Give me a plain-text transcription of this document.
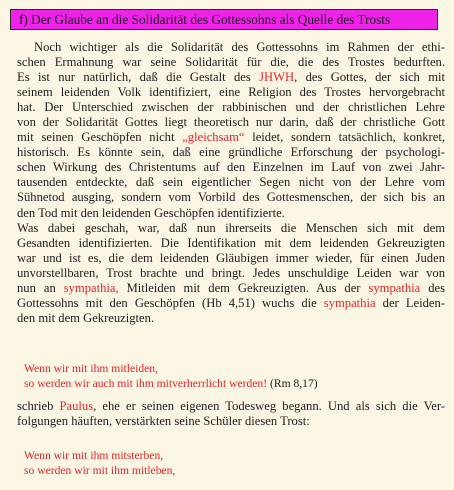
f) Der Glaube an die Solidarität des Gottessohns als Quelle des Trosts
Noch wichtiger als die Solidarität des Gottessohns im Rahmen der ethi-
schen Ermahnung war seine Solidarität für die, die des Trostes bedurften.
Es ist nur natürlich, daß die Gestalt des JHWH, des Gottes, der sich mit
seinem leidenden Volk identifiziert, eine Religion des Trostes hervorgebracht
hat. Der Unterschied zwischen der rabbinischen und der christlichen Lehre
von der Solidarität Gottes liegt theoretisch nur darin, daß der christliche Gott
mit seinen Geschöpfen nicht „gleichsam“ leidet, sondern tatsächlich, konkret,
historisch. Es könnte sein, daß eine gründliche Erforschung der psychologi-
schen Wirkung des Christentums auf den Einzelnen im Lauf von zwei Jahr-
tausenden entdeckte, daß sein eigentlicher Segen nicht von der Lehre vom
Sühnetod ausging, sondern vom Vorbild des Gottesmenschen, der sich bis an
den Tod mit den leidenden Geschöpfen identifizierte.
Was dabei geschah, war, daß nun ihrerseits die Menschen sich mit dem
Gesandten identifizierten. Die Identifikation mit dem leidenden Gekreuzigten
war und ist es, die dem leidenden Gläubigen immer wieder, für einen Juden
unvorstellbaren, Trost brachte und bringt. Jedes unschuldige Leiden war von
nun an sympathia, Mitleiden mit dem Gekreuzigten. Aus der sympathia des
Gottessohns mit den Geschöpfen (Hb 4,51) wuchs die sympathia der Leiden-
den mit dem Gekreuzigten.
Wenn wir mit ihm mitleiden,
so werden wir auch mit ihm mitverherrlicht werden! (Rm 8,17)
schrieb Paulus, ehe er seinen eigenen Todesweg begann. Und als sich die Ver-
folgungen häuften, verstärkten seine Schüler diesen Trost:
Wenn wir mit ihm mitsterben,
so werden wir mit ihm mitleben,
